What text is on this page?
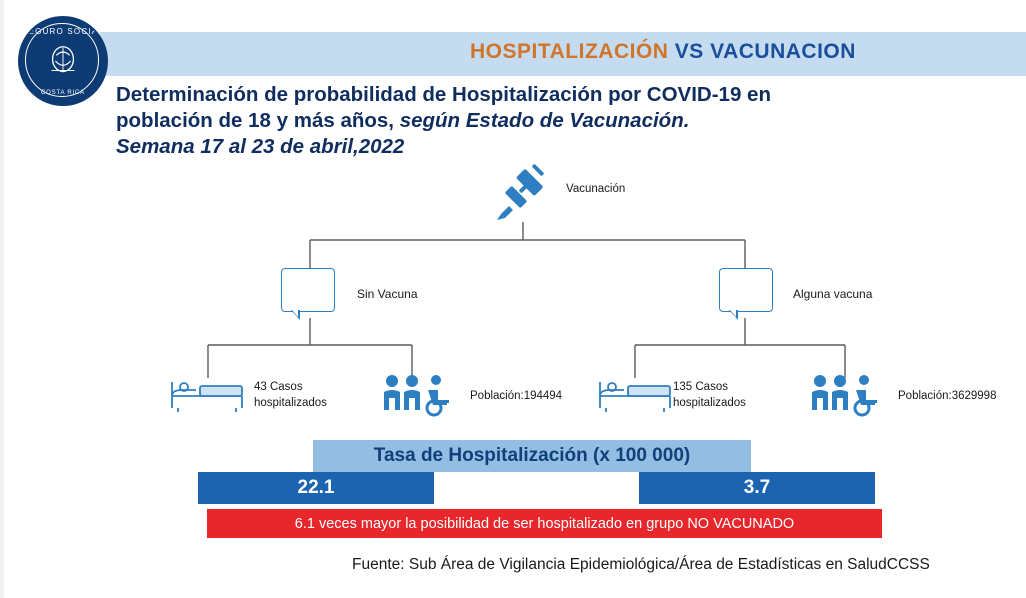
HOSPITALIZACIÓN VS VACUNACION
SEGURO SOCIAL
COSTA RICA	Determinación de probabilidad de Hospitalización por COVID-19 en
población de 18 y más años, según Estado de Vacunación.
Semana 17 al 23 de abril,2022
Vacunación
Sin Vacuna	Alguna vacuna
43 Casos
hospitalizados
Población:194494
135 Casos
hospitalizados
Población:3629998
Tasa de Hospitalización (x 100 000)
22.1	3.7
6.1 veces mayor la posibilidad de ser hospitalizado en grupo NO VACUNADO
Fuente: Sub Área de Vigilancia Epidemiológica/Área de Estadísticas en SaludCCSS
